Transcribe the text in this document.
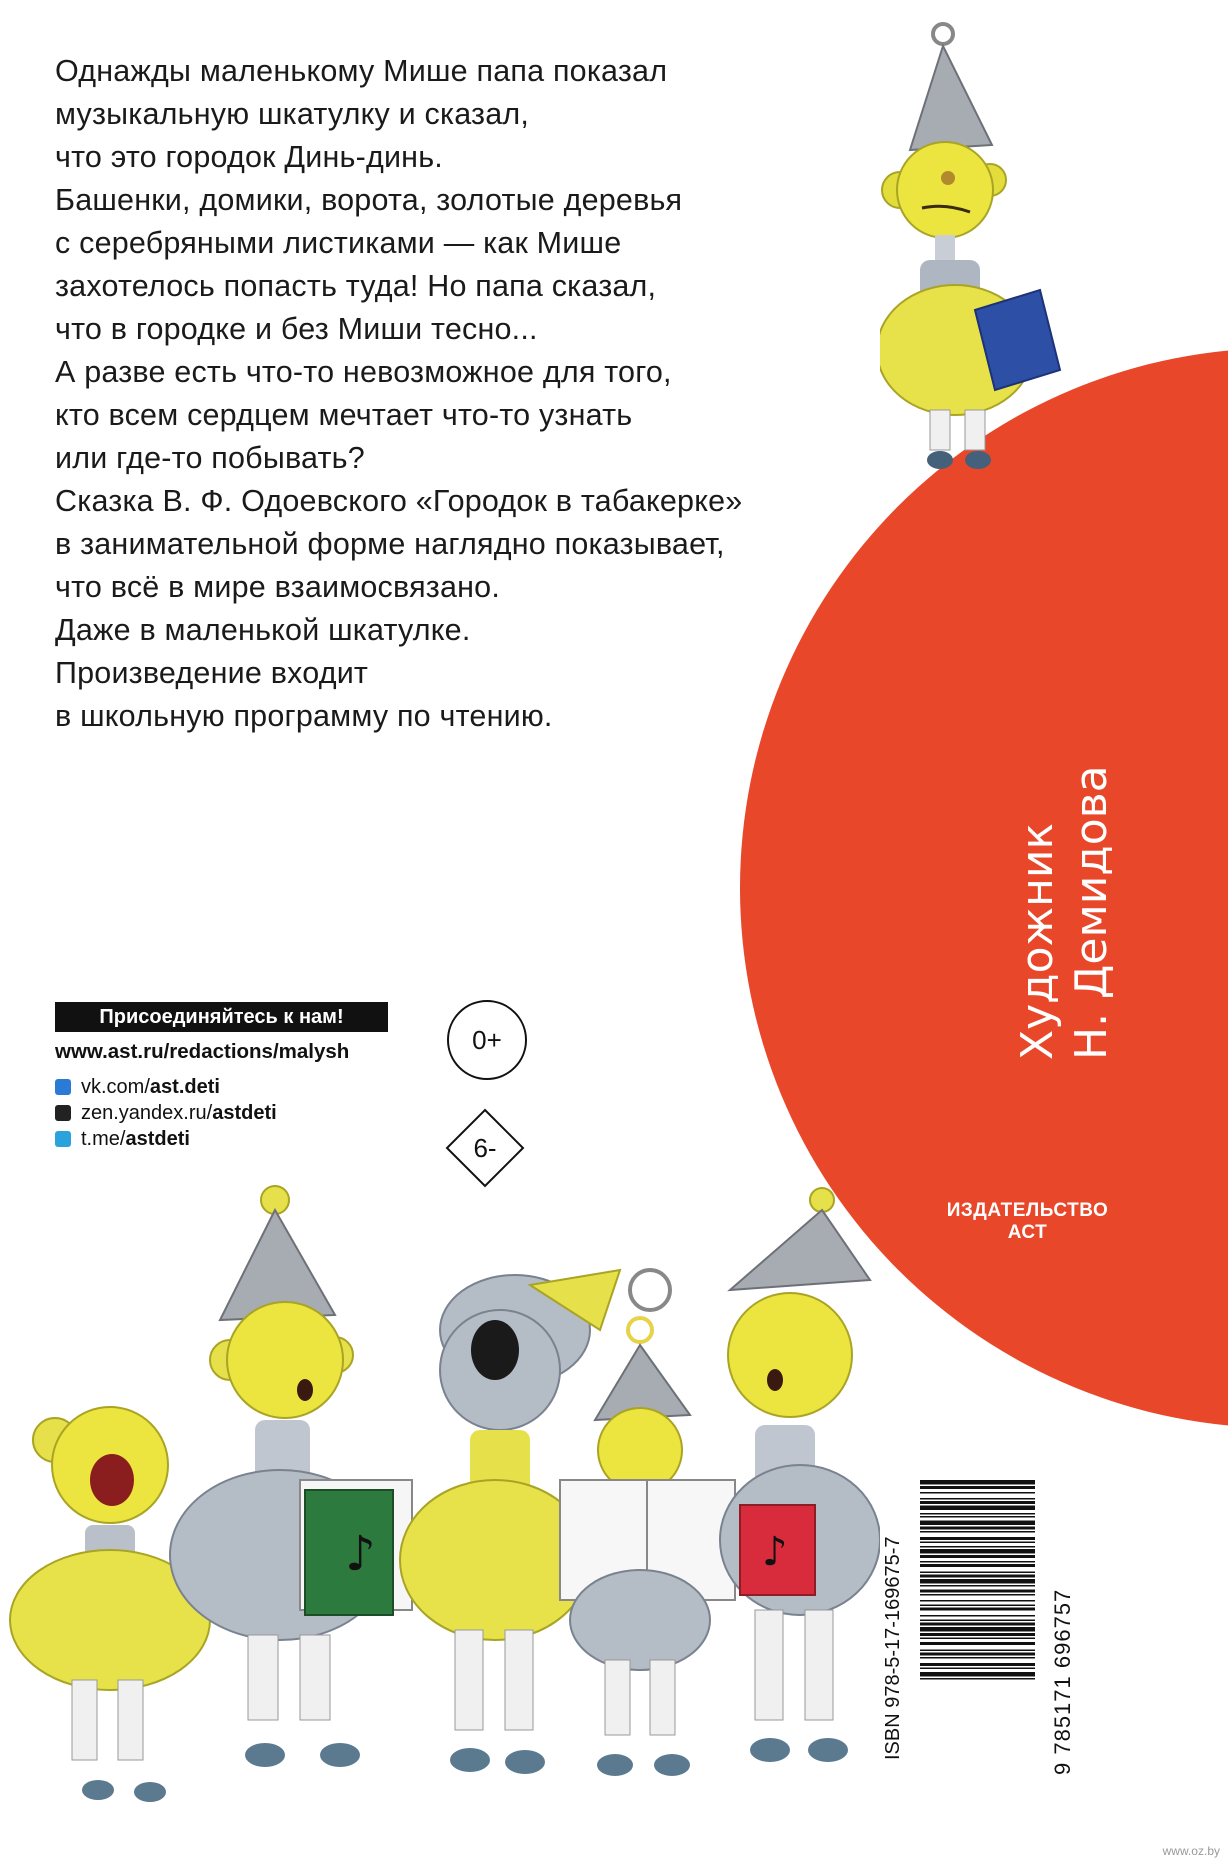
Однажды маленькому Мише папа показал
музыкальную шкатулку и сказал,
что это городок Динь-динь.
Башенки, домики, ворота, золотые деревья
с серебряными листиками — как Мише
захотелось попасть туда! Но папа сказал,
что в городке и без Миши тесно...
А разве есть что-то невозможное для того,
кто всем сердцем мечтает что-то узнать
или где-то побывать?
Сказка В. Ф. Одоевского «Городок в табакерке»
в занимательной форме наглядно показывает,
что всё в мире взаимосвязано.
Даже в маленькой шкатулке.
Произведение входит
в школьную программу по чтению.
Художник Н. Демидова
ИЗДАТЕЛЬСТВО
АСТ
Присоединяйтесь к нам!
www.ast.ru/redactions/malysh
vk.com/ ast.deti
zen.yandex.ru/ astdeti
t.me/ astdeti
0+
6-
♪	♪	ISBN 978-5-17-169675-7	9 785171 696757
www.oz.by
